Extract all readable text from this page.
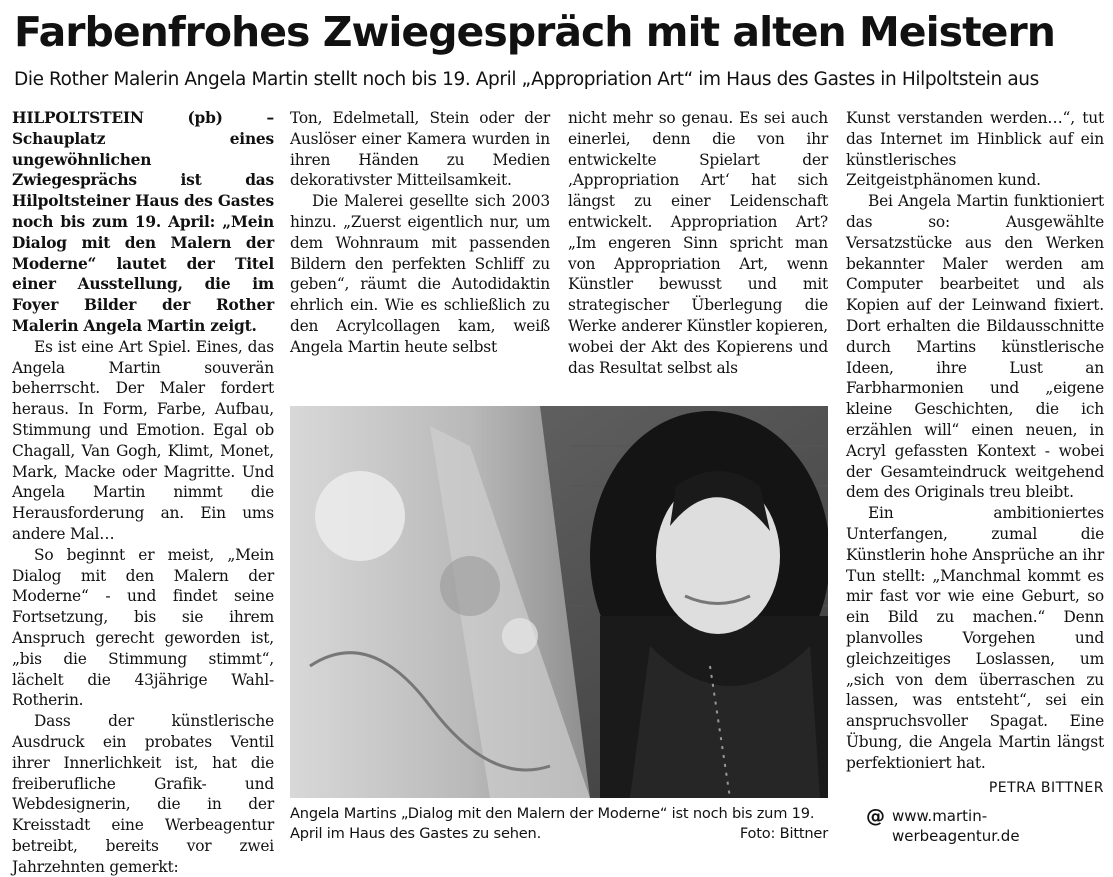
Farbenfrohes Zwiegespräch mit alten Meistern
Die Rother Malerin Angela Martin stellt noch bis 19. April „Appropriation Art“ im Haus des Gastes in Hilpoltstein aus

HILPOLTSTEIN (pb) – Schauplatz eines ungewöhnlichen Zwiegesprächs ist das Hilpoltsteiner Haus des Gastes noch bis zum 19. April: „Mein Dialog mit den Malern der Moderne“ lautet der Titel einer Ausstellung, die im Foyer Bilder der Rother Malerin Angela Martin zeigt.

Es ist eine Art Spiel. Eines, das Angela Martin souverän beherrscht. Der Maler fordert heraus. In Form, Farbe, Aufbau, Stimmung und Emotion. Egal ob Chagall, Van Gogh, Klimt, Monet, Mark, Macke oder Magritte. Und Angela Martin nimmt die Herausforderung an. Ein ums andere Mal…

So beginnt er meist, „Mein Dialog mit den Malern der Moderne“ - und findet seine Fortsetzung, bis sie ihrem Anspruch gerecht geworden ist, „bis die Stimmung stimmt“, lächelt die 43jährige Wahl-Rotherin.

Dass der künstlerische Ausdruck ein probates Ventil ihrer Innerlichkeit ist, hat die freiberufliche Grafik- und Webdesignerin, die in der Kreisstadt eine Werbeagentur betreibt, bereits vor zwei Jahrzehnten gemerkt:

Ton, Edelmetall, Stein oder der Auslöser einer Kamera wurden in ihren Händen zu Medien dekorativster Mitteilsamkeit.

Die Malerei gesellte sich 2003 hinzu. „Zuerst eigentlich nur, um dem Wohnraum mit passenden Bildern den perfekten Schliff zu geben“, räumt die Autodidaktin ehrlich ein. Wie es schließlich zu den Acrylcollagen kam, weiß Angela Martin heute selbst

nicht mehr so genau. Es sei auch einerlei, denn die von ihr entwickelte Spielart der ‚Appropriation Art‘ hat sich längst zu einer Leidenschaft entwickelt. Appropriation Art? „Im engeren Sinn spricht man von Appropriation Art, wenn Künstler bewusst und mit strategischer Überlegung die Werke anderer Künstler kopieren, wobei der Akt des Kopierens und das Resultat selbst als

Kunst verstanden werden…“, tut das Internet im Hinblick auf ein künstlerisches Zeitgeistphänomen kund.

Bei Angela Martin funktioniert das so: Ausgewählte Versatzstücke aus den Werken bekannter Maler werden am Computer bearbeitet und als Kopien auf der Leinwand fixiert. Dort erhalten die Bildausschnitte durch Martins künstlerische Ideen, ihre Lust an Farbharmonien und „eigene kleine Geschichten, die ich erzählen will“ einen neuen, in Acryl gefassten Kontext - wobei der Gesamteindruck weitgehend dem des Originals treu bleibt.

Ein ambitioniertes Unterfangen, zumal die Künstlerin hohe Ansprüche an ihr Tun stellt: „Manchmal kommt es mir fast vor wie eine Geburt, so ein Bild zu machen.“ Denn planvolles Vorgehen und gleichzeitiges Loslassen, um „sich von dem überraschen zu lassen, was entsteht“, sei ein anspruchsvoller Spagat. Eine Übung, die Angela Martin längst perfektioniert hat.

PETRA BITTNER

Angela Martins „Dialog mit den Malern der Moderne“ ist noch bis zum 19. April im Haus des Gastes zu sehen.	Foto: Bittner
@ www.martin-werbeagentur.de
